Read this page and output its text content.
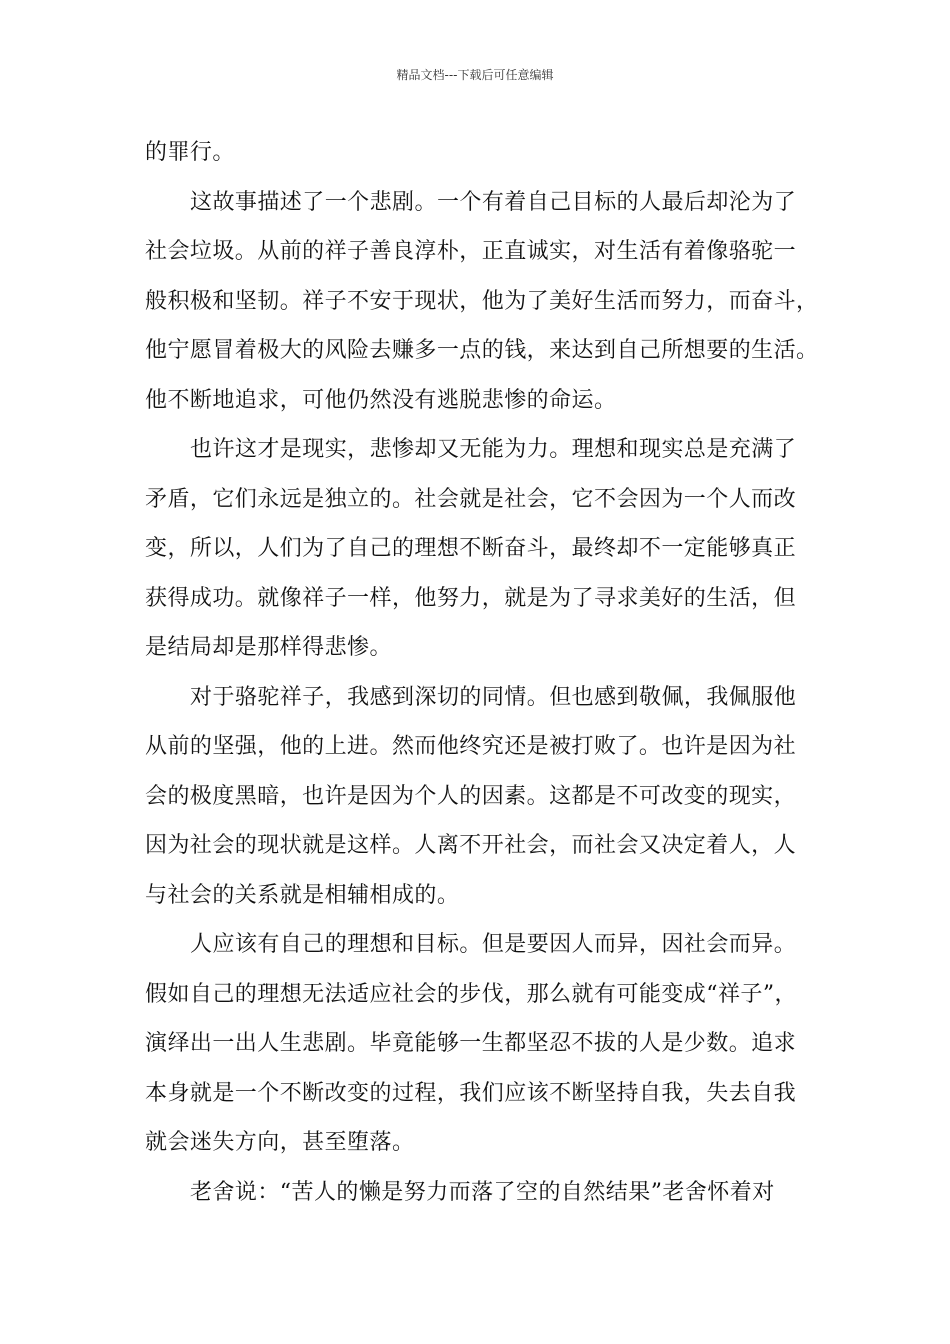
精品文档---下载后可任意编辑
的罪行。
这故事描述了一个悲剧。一个有着自己目标的人最后却沦为了
社会垃圾。从前的祥子善良淳朴，正直诚实，对生活有着像骆驼一
般积极和坚韧。祥子不安于现状，他为了美好生活而努力，而奋斗，
他宁愿冒着极大的风险去赚多一点的钱，来达到自己所想要的生活。
他不断地追求，可他仍然没有逃脱悲惨的命运。
也许这才是现实，悲惨却又无能为力。理想和现实总是充满了
矛盾，它们永远是独立的。社会就是社会，它不会因为一个人而改
变，所以，人们为了自己的理想不断奋斗，最终却不一定能够真正
获得成功。就像祥子一样，他努力，就是为了寻求美好的生活，但
是结局却是那样得悲惨。
对于骆驼祥子，我感到深切的同情。但也感到敬佩，我佩服他
从前的坚强，他的上进。然而他终究还是被打败了。也许是因为社
会的极度黑暗，也许是因为个人的因素。这都是不可改变的现实，
因为社会的现状就是这样。人离不开社会，而社会又决定着人，人
与社会的关系就是相辅相成的。
人应该有自己的理想和目标。但是要因人而异，因社会而异。
假如自己的理想无法适应社会的步伐，那么就有可能变成“祥子”，
演绎出一出人生悲剧。毕竟能够一生都坚忍不拔的人是少数。追求
本身就是一个不断改变的过程，我们应该不断坚持自我，失去自我
就会迷失方向，甚至堕落。
老舍说：“苦人的懒是努力而落了空的自然结果”老舍怀着对
